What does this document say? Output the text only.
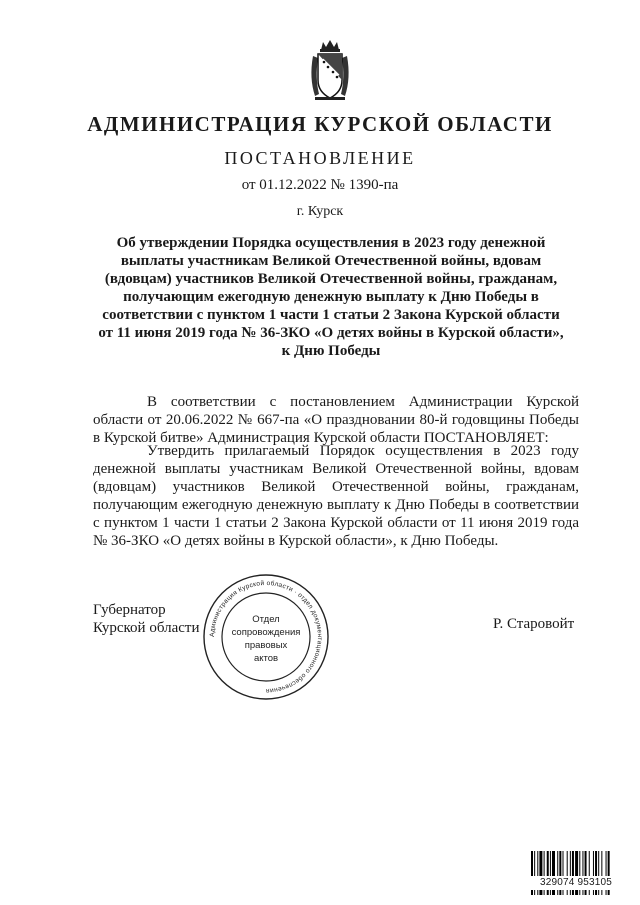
АДМИНИСТРАЦИЯ КУРСКОЙ ОБЛАСТИ
ПОСТАНОВЛЕНИЕ
от 01.12.2022 № 1390-па
г. Курск
Об утверждении Порядка осуществления в 2023 году денежной
выплаты участникам Великой Отечественной войны, вдовам
(вдовцам) участников Великой Отечественной войны, гражданам,
получающим ежегодную денежную выплату к Дню Победы в
соответствии с пунктом 1 части 1 статьи 2 Закона Курской области
от 11 июня 2019 года № 36-ЗКО «О детях войны в Курской области»,
к Дню Победы
В соответствии с постановлением Администрации Курской области от 20.06.2022 № 667-па «О праздновании 80-й годовщины Победы в Курской битве» Администрация Курской области ПОСТАНОВЛЯЕТ:
Утвердить прилагаемый Порядок осуществления в 2023 году денежной выплаты участникам Великой Отечественной войны, вдовам (вдовцам) участников Великой Отечественной войны, гражданам, получающим ежегодную денежную выплату к Дню Победы в соответствии с пунктом 1 части 1 статьи 2 Закона Курской области от 11 июня 2019 года № 36-ЗКО «О детях войны в Курской области», к Дню Победы.
Губернатор
Курской области	Р. Старовойт
Администрация Курской области · отдел документационного обеспечения
Отдел
сопровождения
правовых
актов
329074 953105
